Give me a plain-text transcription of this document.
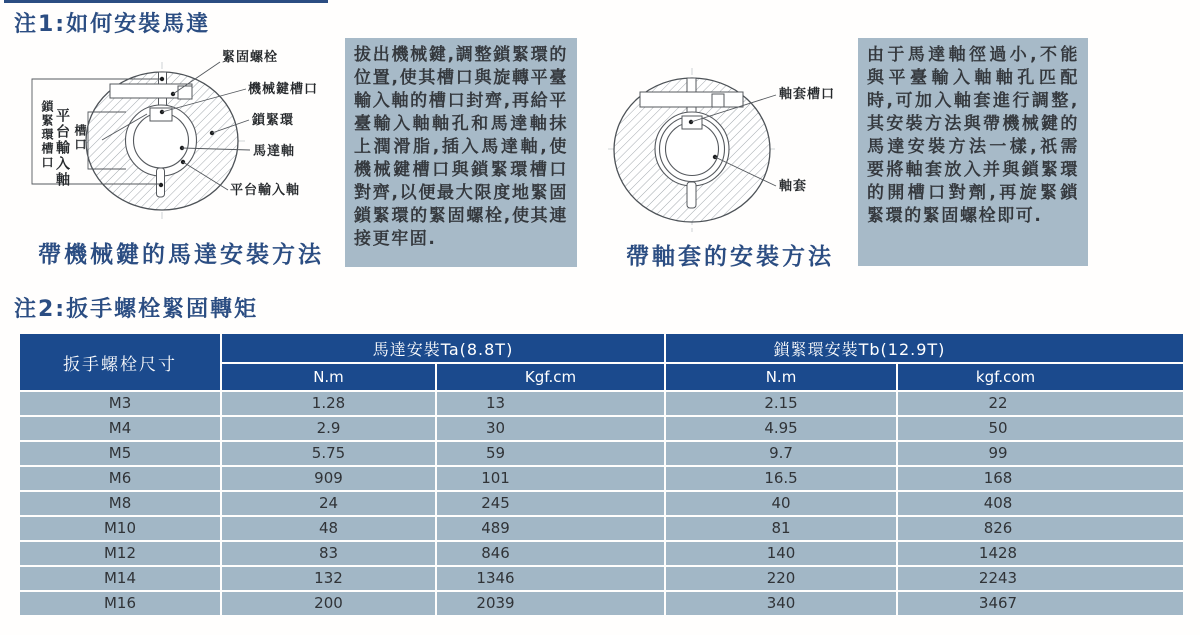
注1:如何安裝馬達
緊固螺栓
機械鍵槽口
鎖緊環
馬達軸
平台輸入軸
鎖緊環槽口 平台輸入軸 槽口
帶機械鍵的馬達安裝方法
拔出機械鍵,調整鎖緊環的位置,使其槽口與旋轉平臺輸入軸的槽口封齊,再給平臺輸入軸軸孔和馬達軸抹上潤滑脂,插入馬達軸,使機械鍵槽口與鎖緊環槽口對齊,以便最大限度地緊固鎖緊環的緊固螺栓,使其連接更牢固.
軸套槽口
軸套
帶軸套的安裝方法
由于馬達軸徑過小,不能與平臺輸入軸軸孔匹配時,可加入軸套進行調整,其安裝方法與帶機械鍵的馬達安裝方法一樣,祇需要將軸套放入并與鎖緊環的開槽口對劑,再旋緊鎖緊環的緊固螺栓即可.
注2:扳手螺栓緊固轉矩
扳手螺栓尺寸	馬達安裝Ta(8.8T)		鎖緊環安裝Tb(12.9T)	
	N.m	Kgf.cm	N.m	kgf.com
M3	1.28	13	2.15	22
M4	2.9	30	4.95	50
M5	5.75	59	9.7	99
M6	909	101	16.5	168
M8	24	245	40	408
M10	48	489	81	826
M12	83	846	140	1428
M14	132	1346	220	2243
M16	200	2039	340	3467
